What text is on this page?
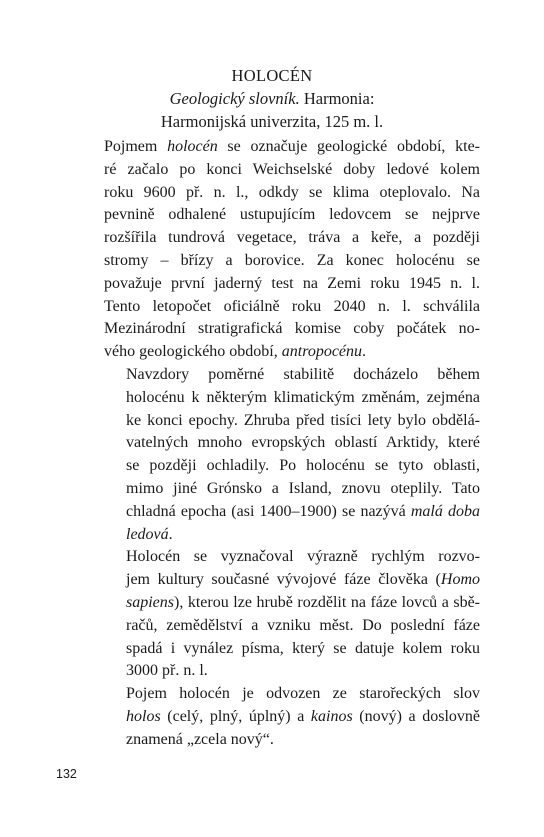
HOLOCÉN
Geologický slovník. Harmonia:
Harmonijská univerzita, 125 m. l.
Pojmem holocén se označuje geologické období, kte-
ré začalo po konci Weichselské doby ledové kolem
roku 9600 př. n. l., odkdy se klima oteplovalo. Na
pevnině odhalené ustupujícím ledovcem se nejprve
rozšířila tundrová vegetace, tráva a keře, a později
stromy – břízy a borovice. Za konec holocénu se
považuje první jaderný test na Zemi roku 1945 n. l.
Tento letopočet oficiálně roku 2040 n. l. schválila
Mezinárodní stratigrafická komise coby počátek no-
vého geologického období, antropocénu.
Navzdory poměrné stabilitě docházelo během
holocénu k některým klimatickým změnám, zejména
ke konci epochy. Zhruba před tisíci lety bylo obdělá-
vatelných mnoho evropských oblastí Arktidy, které
se později ochladily. Po holocénu se tyto oblasti,
mimo jiné Grónsko a Island, znovu oteplily. Tato
chladná epocha (asi 1400–1900) se nazývá malá doba
ledová.
Holocén se vyznačoval výrazně rychlým rozvo-
jem kultury současné vývojové fáze člověka (Homo
sapiens), kterou lze hrubě rozdělit na fáze lovců a sbě-
račů, zemědělství a vzniku měst. Do poslední fáze
spadá i vynález písma, který se datuje kolem roku
3000 př. n. l.
Pojem holocén je odvozen ze starořeckých slov
holos (celý, plný, úplný) a kainos (nový) a doslovně
znamená „zcela nový“.
132
